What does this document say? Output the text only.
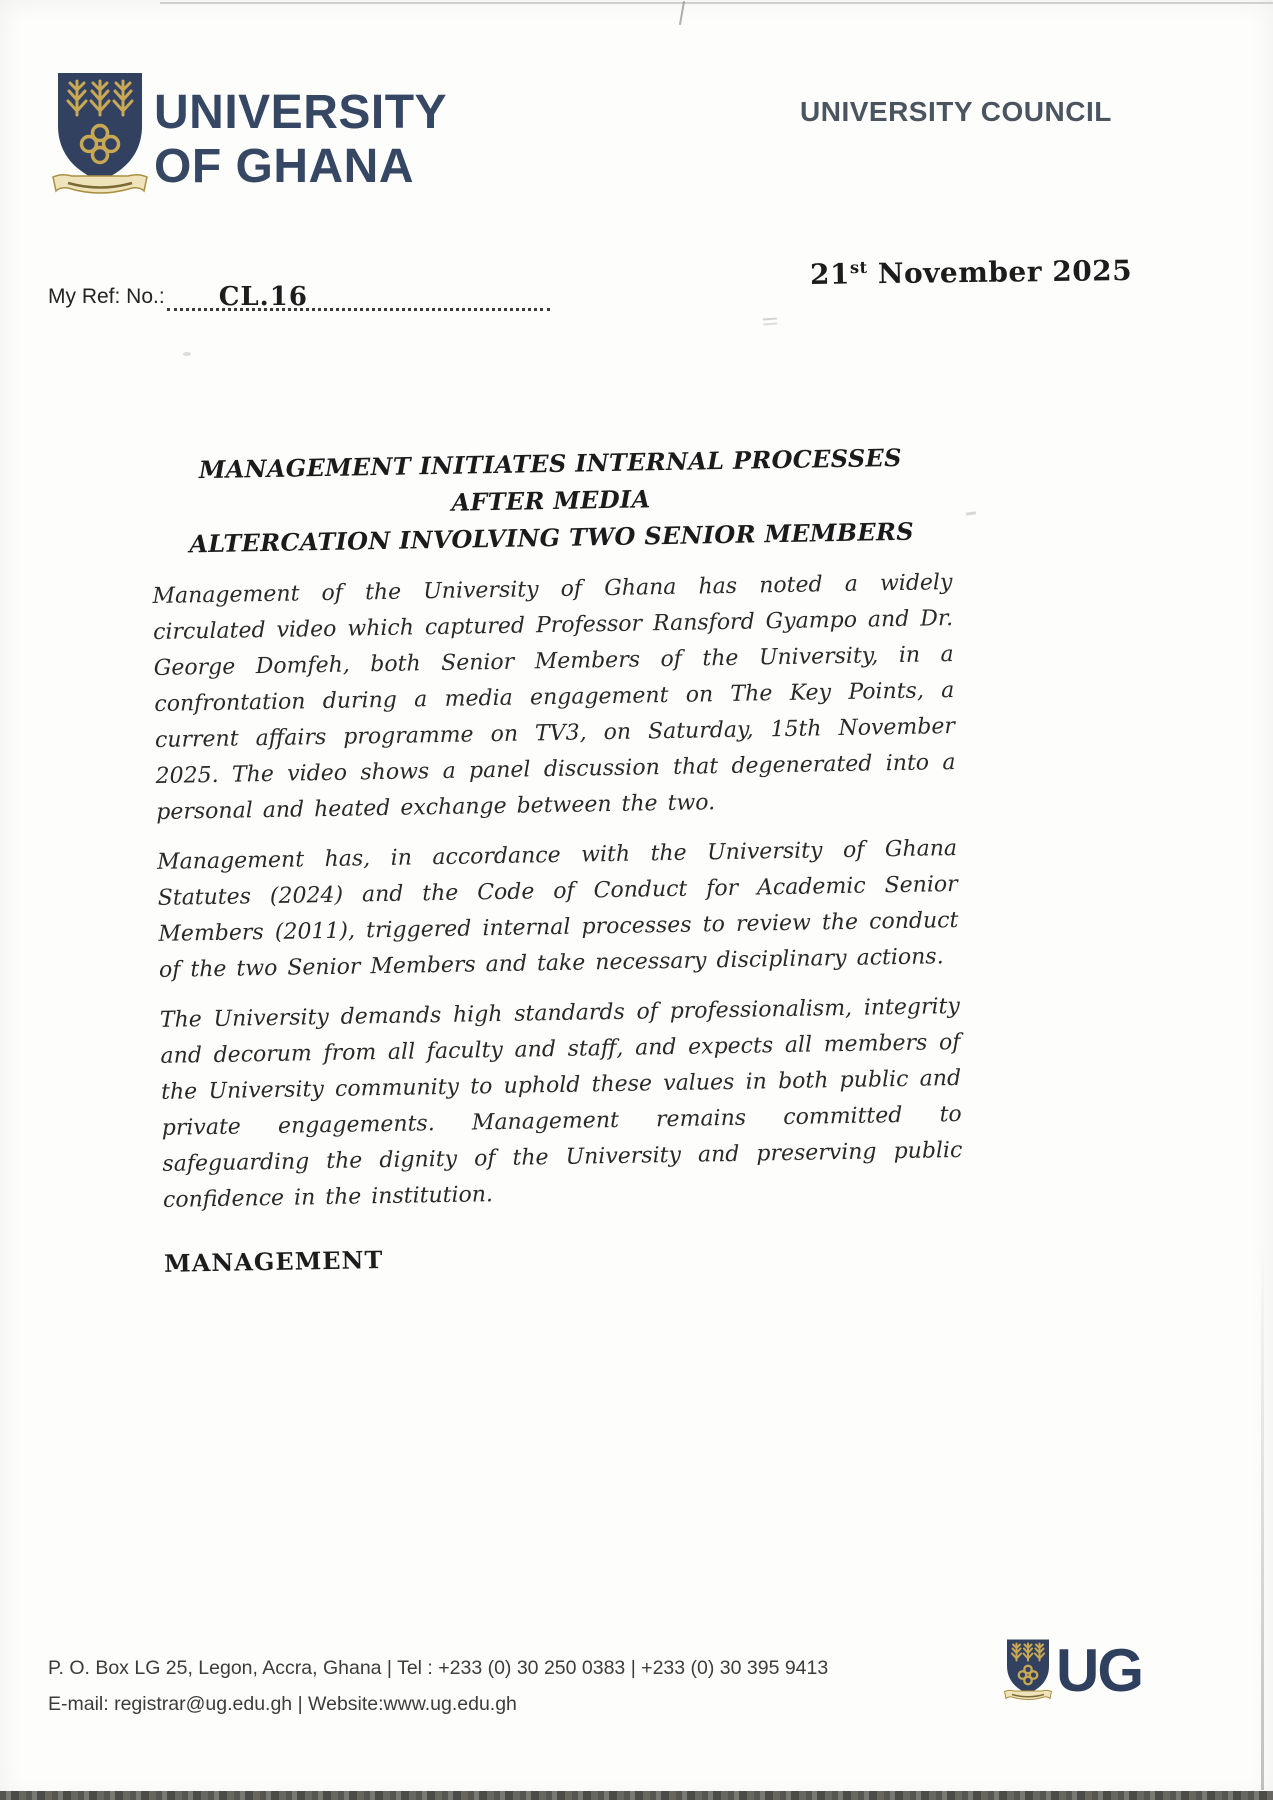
UNIVERSITY
OF GHANA
UNIVERSITY COUNCIL
My Ref: No.: CL.16
21st November 2025
MANAGEMENT INITIATES INTERNAL PROCESSES AFTER MEDIA
ALTERCATION INVOLVING TWO SENIOR MEMBERS

Management of the University of Ghana has noted a widely circulated video which captured Professor Ransford Gyampo and Dr. George Domfeh, both Senior Members of the University, in a confrontation during a media engagement on The Key Points, a current affairs programme on TV3, on Saturday, 15th November 2025. The video shows a panel discussion that degenerated into a personal and heated exchange between the two.

Management has, in accordance with the University of Ghana Statutes (2024) and the Code of Conduct for Academic Senior Members (2011), triggered internal processes to review the conduct of the two Senior Members and take necessary disciplinary actions.

The University demands high standards of professionalism, integrity and decorum from all faculty and staff, and expects all members of the University community to uphold these values in both public and private engagements. Management remains committed to safeguarding the dignity of the University and preserving public confidence in the institution.

MANAGEMENT
P. O. Box LG 25, Legon, Accra, Ghana | Tel : +233 (0) 30 250 0383 | +233 (0) 30 395 9413
E-mail: registrar@ug.edu.gh | Website:www.ug.edu.gh
UG
